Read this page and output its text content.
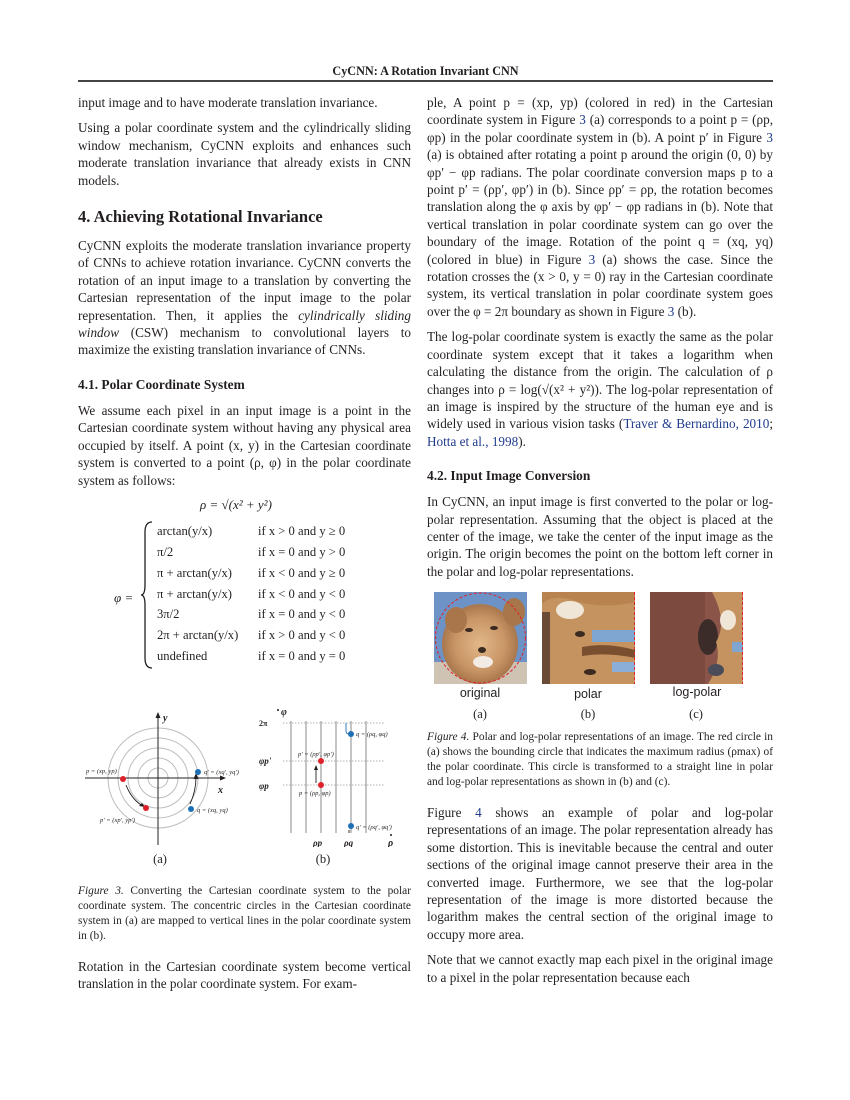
CyCNN: A Rotation Invariant CNN

input image and to have moderate translation invariance.

Using a polar coordinate system and the cylindrically sliding window mechanism, CyCNN exploits and enhances such moderate translation invariance that already exists in CNN models.

4. Achieving Rotational Invariance

CyCNN exploits the moderate translation invariance property of CNNs to achieve rotation invariance. CyCNN converts the rotation of an input image to a translation by converting the Cartesian representation of the input image to the polar representation. Then, it applies the cylindrically sliding window (CSW) mechanism to convolutional layers to maximize the existing translation invariance of CNNs.

4.1. Polar Coordinate System

We assume each pixel in an input image is a point in the Cartesian coordinate system without having any physical area occupied by itself. A point (x, y) in the Cartesian coordinate system is converted to a point (ρ, φ) in the polar coordinate system as follows:

ρ = √(x² + y²)
φ =
arctan(y/x)	if x > 0 and y ≥ 0
π/2	if x = 0 and y > 0
π + arctan(y/x) if x < 0 and y ≥ 0
π + arctan(y/x) if x < 0 and y < 0
3π/2	if x = 0 and y < 0
2π + arctan(y/x) if x > 0 and y < 0
undefined	if x = 0 and y = 0
y
x
p = (xp, yp)
p' = (xp', yp')
q' = (xq', yq')
q = (xq, yq)
(a)
φ
2π
φp'
φp
p' = (ρp', φp')
p = (ρp, φp)
q = (ρq, φq)
q' = (ρq', φq')
ρp ρq	ρ
(b)

Figure 3. Converting the Cartesian coordinate system to the polar coordinate system. The concentric circles in the Cartesian coordinate system in (a) are mapped to vertical lines in the polar coordinate system in (b).

Rotation in the Cartesian coordinate system become vertical translation in the polar coordinate system. For exam-

ple, A point p = (xp, yp) (colored in red) in the Cartesian coordinate system in Figure 3 (a) corresponds to a point p = (ρp, φp) in the polar coordinate system in (b). A point p′ in Figure 3 (a) is obtained after rotating a point p around the origin (0, 0) by φp′ − φp radians. The polar coordinate conversion maps p to a point p′ = (ρp′, φp′) in (b). Since ρp′ = ρp, the rotation becomes translation along the φ axis by φp′ − φp radians in (b). Note that vertical translation in polar coordinate system can go over the boundary of the image. Rotation of the point q = (xq, yq) (colored in blue) in Figure 3 (a) shows the case. Since the rotation crosses the (x > 0, y = 0) ray in the Cartesian coordinate system, its vertical translation in polar coordinate system goes over the φ = 2π boundary as shown in Figure 3 (b).

The log-polar coordinate system is exactly the same as the polar coordinate system except that it takes a logarithm when calculating the distance from the origin. The calculation of ρ changes into ρ = log(√(x² + y²)). The log-polar representation of an image is inspired by the structure of the human eye and is widely used in various vision tasks (Traver & Bernardino, 2010; Hotta et al., 1998).

4.2. Input Image Conversion

In CyCNN, an input image is first converted to the polar or log-polar representation. Assuming that the object is placed at the center of the image, we take the center of the input image as the origin. The origin becomes the point on the bottom left corner in the polar and log-polar representations.

original	polar	log-polar
(a)	(b)	(c)

Figure 4. Polar and log-polar representations of an image. The red circle in (a) shows the bounding circle that indicates the maximum radius (ρmax) of the polar coordinate. This circle is transformed to a straight line in polar and log-polar representations as shown in (b) and (c).

Figure 4 shows an example of polar and log-polar representations of an image. The polar representation already has some distortion. This is inevitable because the central and outer sections of the original image cannot preserve their area in the converted image. Furthermore, we see that the log-polar representation of the image is more distorted because the logarithm makes the central section of the original image to occupy more area.

Note that we cannot exactly map each pixel in the original image to a pixel in the polar representation because each
